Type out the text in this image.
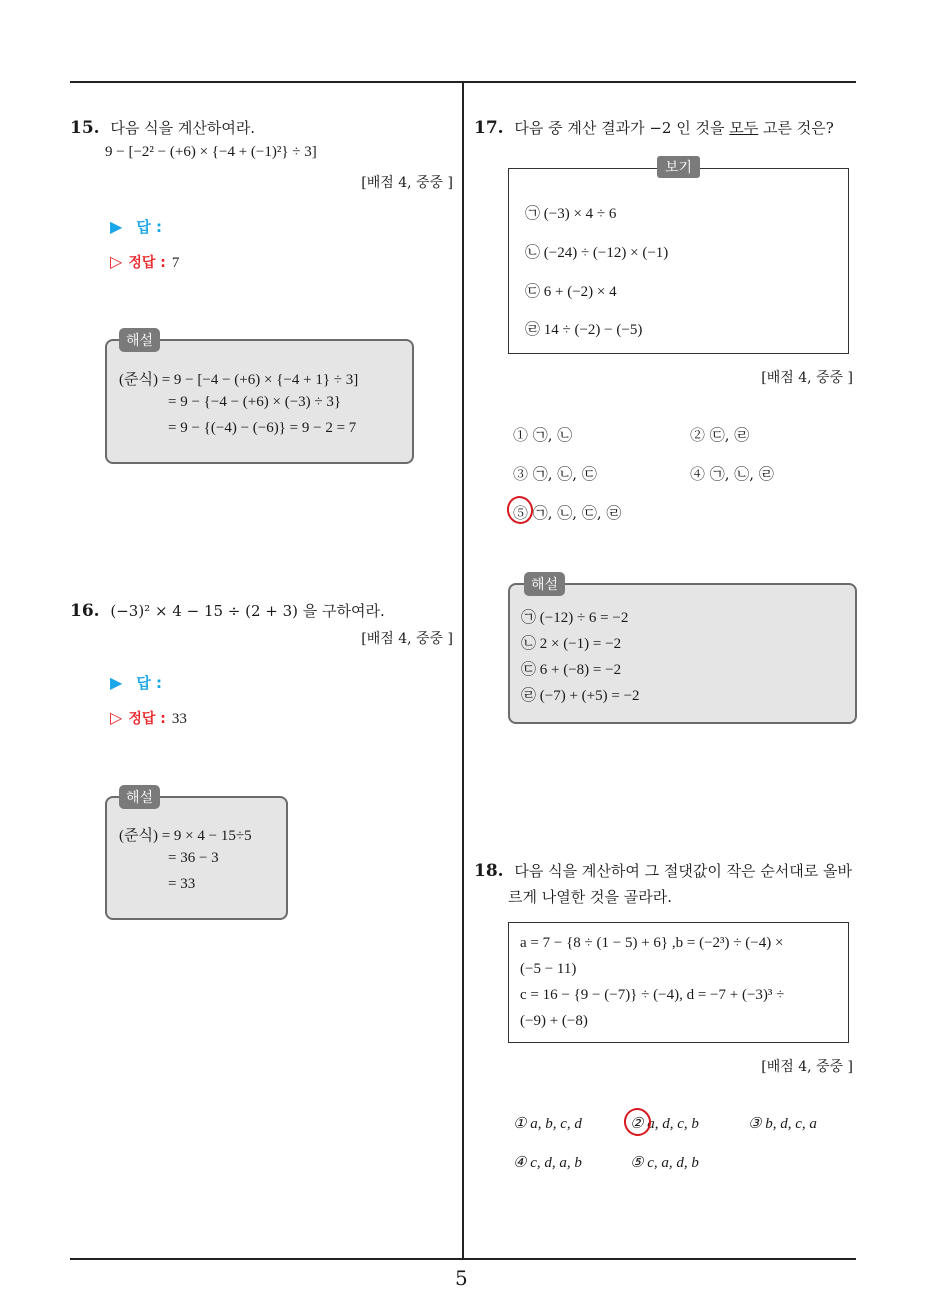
5
15. 다음 식을 계산하여라.
9 − [−2² − (+6) × {−4 + (−1)²} ÷ 3]
[배점 4, 중중 ]
▶ 답 :
▷ 정답 : 7
해설
(준식) = 9 − [−4 − (+6) × {−4 + 1} ÷ 3]
= 9 − {−4 − (+6) × (−3) ÷ 3}
= 9 − {(−4) − (−6)} = 9 − 2 = 7
16. (−3)² × 4 − 15 ÷ (2 + 3) 을 구하여라.
[배점 4, 중중 ]
▶ 답 :
▷ 정답 : 33
해설
(준식) = 9 × 4 − 15÷5
= 36 − 3
= 33
17. 다음 중 계산 결과가 −2 인 것을 모두 고른 것은?
보기
㉠ (−3) × 4 ÷ 6
㉡ (−24) ÷ (−12) × (−1)
㉢ 6 + (−2) × 4
㉣ 14 ÷ (−2) − (−5)
[배점 4, 중중 ]
① ㉠, ㉡	② ㉢, ㉣
③ ㉠, ㉡, ㉢	④ ㉠, ㉡, ㉣
⑤ ㉠, ㉡, ㉢, ㉣
해설
㉠ (−12) ÷ 6 = −2
㉡ 2 × (−1) = −2
㉢ 6 + (−8) = −2
㉣ (−7) + (+5) = −2
18. 다음 식을 계산하여 그 절댓값이 작은 순서대로 올바
르게 나열한 것을 골라라.
a = 7 − {8 ÷ (1 − 5) + 6} ,b = (−2³) ÷ (−4) ×
(−5 − 11)
c = 16 − {9 − (−7)} ÷ (−4), d = −7 + (−3)³ ÷
(−9) + (−8)
[배점 4, 중중 ]
① a, b, c, d	② a, d, c, b	③ b, d, c, a
④ c, d, a, b	⑤ c, a, d, b
